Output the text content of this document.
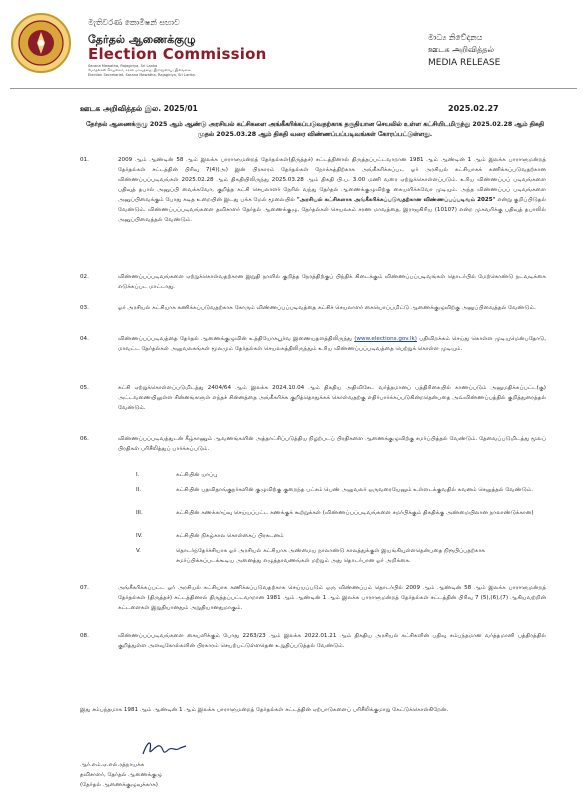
මැතිවරණ කොමිෂන් සභාව
தேர்தல் ஆணைக்குழு
Election Commission
Sarana Mawatha, Rajagiriya, Sri Lanka
மேர்தல்கள் செயலகம், சரண மாவத்தை, இராஜகிரிய, இலங்கை.
Election Secretariat, Sarana Mawatha, Rajagiriya, Sri Lanka.
මාධ්‍ය නිවේදනය
ஊடக அறிவித்தல்
MEDIA RELEASE
ஊடக அறிவித்தல் இல. 2025/01	2025.02.27
தேர்தல் ஆணைக்குழு 2025 ஆம் ஆண்டு அரசியல் கட்சிகளை அங்கீகரிக்கப்படுவதற்காக தகுதியான செயலில் உள்ள கட்சியிடமிருந்து 2025.02.28 ஆம் திகதி முதல் 2025.03.28 ஆம் திகதி வரை விண்ணப்பப்படிவங்கள் கோரப்பட்டுள்ளது.
01.	2009 ஆம் ஆண்டின் 58 ஆம் இலக்க பாராளுமன்றத் தேர்தல்கள்(திருத்தச்) சட்டத்தினால் திருத்தப்பட்டவாறான 1981 ஆம் ஆண்டின் 1 ஆம் இலக்க பாராளுமன்றத் தேர்தல்கள் சட்டத்தின் பிரிவு 7(4)(அ) இன் பிரகாரம் தேர்தல்கள் நோக்கத்திற்காக அங்கீகரிக்கப்பட ஓர் அரசியல் கட்சியாகக் கணிக்கப்படுவதற்கான விண்ணப்பப்படிவங்கள் 2025.02.28 ஆம் திகதியிலிருந்து 2025.03.28 ஆம் திகதி பி.ப. 3.00 மணி வரை ஏற்றுக்கொள்ளப்படும். உரிய விண்ணப்பப் படிவங்களை பதிவுத் தபால் அனுப்பி வைக்கவோ, குறித்த கட்சி செயலாளர் நேரில் வந்து தேர்தல் ஆணைக்குழுவிற்கு கையளிக்கவோ முடியும். அந்த விண்ணப்பப் படிவங்களை அனுப்பிவைக்கும் போது கடித உறையின் இடது பக்க மேல் மூலையில் "அரசியல் கட்சிகளாக அங்கீகரிக்கப்படுவதற்கான விண்ணப்பப்படிவம் 2025" என்று குறிப்பிடுதல் வேண்டும். விண்ணப்பப்படிவங்களை தவிசாளர் தேர்தல் ஆணைக்குழு, தேர்தல்கள் செயலகம் சரண மாவத்தை, இராஜகிரிய (10107) என்ற முகவரிக்கு பதிவுத் தபாலில் அனுப்பிவைத்தல் வேண்டும்.
02.	விண்ணப்பப்படிவங்களை ஏற்றுக்கொள்வதற்கான இறுதி நாளில் குறித்த நேரத்திற்குப் பிந்திக் கிடைக்கும் விண்ணப்பப்படிவங்கள் தொடர்பில் மேற்கொண்டு நடவடிக்கை எடுக்கப்பட மாட்டாது.
03.	ஓர் அரசியல் கட்சியாக கணிக்கப்படுவதற்காக கோரும் விண்ணப்பப்படிவத்தை கட்சிச் செயலாளர் கையொப்பமிட்டு ஆணைக்குழுவிற்கு அனுப்பிவைத்தல் வேண்டும்.
04.	விண்ணப்பப்படிவத்தை தேர்தல் ஆணைக்குழுவின் உத்தியோகபூர்வ இணையதளத்திலிருந்து (www.elections.gov.lk) பதிவிறக்கம் செய்து கொள்ள முடியுமென்பதோடு, மாவட்ட தேர்தல்கள் அலுவலகங்கள் மூலமும் தேர்தல்கள் செயலகத்திலிருந்தும் உரிய விண்ணப்பப்படிவத்தை பெற்றுக் கொள்ள முடியும்.
05.	கட்சி ஏற்றுக்கொள்ளப்படுமிடத்து 2404/64 ஆம் இலக்க 2024.10.04 ஆம் திகதிய அதிவிசேட வர்த்தமானப் பத்திரிகையில் காணப்படும் அனுமதிக்கப்பட்ட(கு) அட்டவணையிலுள்ள சின்னங்களுள் எந்தச் சின்னத்தை அங்கீகரிக்க குறித்தொதுக்கக் கொள்வதற்கு எதிர்பார்க்கப்படுகின்றதென்பதை அவ்விண்ணப்பத்தில் குறித்துரைத்தல் வேண்டும்.
06.	விண்ணப்பப்படிவத்துடன் கீழ்காணும் ஆவணங்களின் அத்தாட்சிப்படுத்திய நிழற்படப் பிரதிகளை ஆணைக்குழுவிற்கு சமர்ப்பித்தல் வேண்டும். தேவைப்படுமிடத்து மூலப் பிரதிகள் பரிசீலித்துப் பார்க்கப்படும்.
I.	கட்சியின் யாப்பு
II.	கட்சியின் பதவிதாங்குநர்களின் குழுவிற்கு குறைந்த பட்சம் பெண் அலுவலர் ஒருவரையேனும் உள்ளடக்குவதில் கவனம் செலுத்தல் வேண்டும்.
III.	கட்சியின் கணக்காய்வு செய்யப்பட்ட கணக்குக் கூற்றுக்கள் (விண்ணப்பப்படிவங்களை சமர்பிக்கும் திகதிக்கு அண்மையிலான நாலாண்டுக்கான)
IV.	கட்சியின் நிகழ்கால கொள்கைப் பிரகடனம்
V.	தொடர்ந்தேர்ச்சியாக ஓர் அரசியல் கட்சியாக அண்மைய நாலாண்டு காலத்துக்குள் இயங்கியுள்ளதென்பதை நிரூபிப்பதற்காக சமர்ப்பிக்கப்படக்கூடிய அனைத்து எழுத்தாவணங்கள் மற்றும் அது தொடர்பான ஓர் அறிக்கை.
07.	அங்கீகரிக்கப்பட்ட ஓர் அரசியல் கட்சியாக கணிக்கப்படுவதற்காக செய்யப்படும் ஒரு விண்ணப்பம் தொடர்பில் 2009 ஆம் ஆண்டின் 58 ஆம் இலக்க பாராளுமன்றத் தேர்தல்கள் (திருத்தச்) சட்டத்தினால் திருத்தப்பட்டவாறான 1981 ஆம் ஆண்டின் 1 ஆம் இலக்க பாராளுமன்றத் தேர்தல்கள் சட்டத்தின் பிரிவு 7 (5),(6),(7) ஆகியவற்றின் கட்டளைகள் இறுதியானதும் அறுதியானதுமாகும்.
08.	விண்ணப்பப்படிவங்களை கையளிக்கும் போது 2263/23 ஆம் இலக்க 2022.01.21 ஆம் திகதிய அரசியல் கட்சிகளின் பதிவு சம்பந்தமான வர்த்தமானி பத்திரத்தில் குறித்துள்ள அளவுகோல்களின் பிரகாரம் செயற்பட்டுள்ளதென உறுதிப்படுத்தல் வேண்டும்.
இது சம்பந்தமாக 1981 ஆம் ஆண்டின் 1 ஆம் இலக்க பாராளுமன்றத் தேர்தல்கள் சட்டத்தின் ஏற்பாடுகளைப் பரிசீலிக்குமாறு கேட்டுக்கொள்கிறேன்.
ஆர்.எம்.ஏ.எல்.ரத்நாயக்க
தவிசாளர், தேர்தல் ஆணைக்குழு
(தேர்தல் ஆணைக்குழுவுக்காக)
